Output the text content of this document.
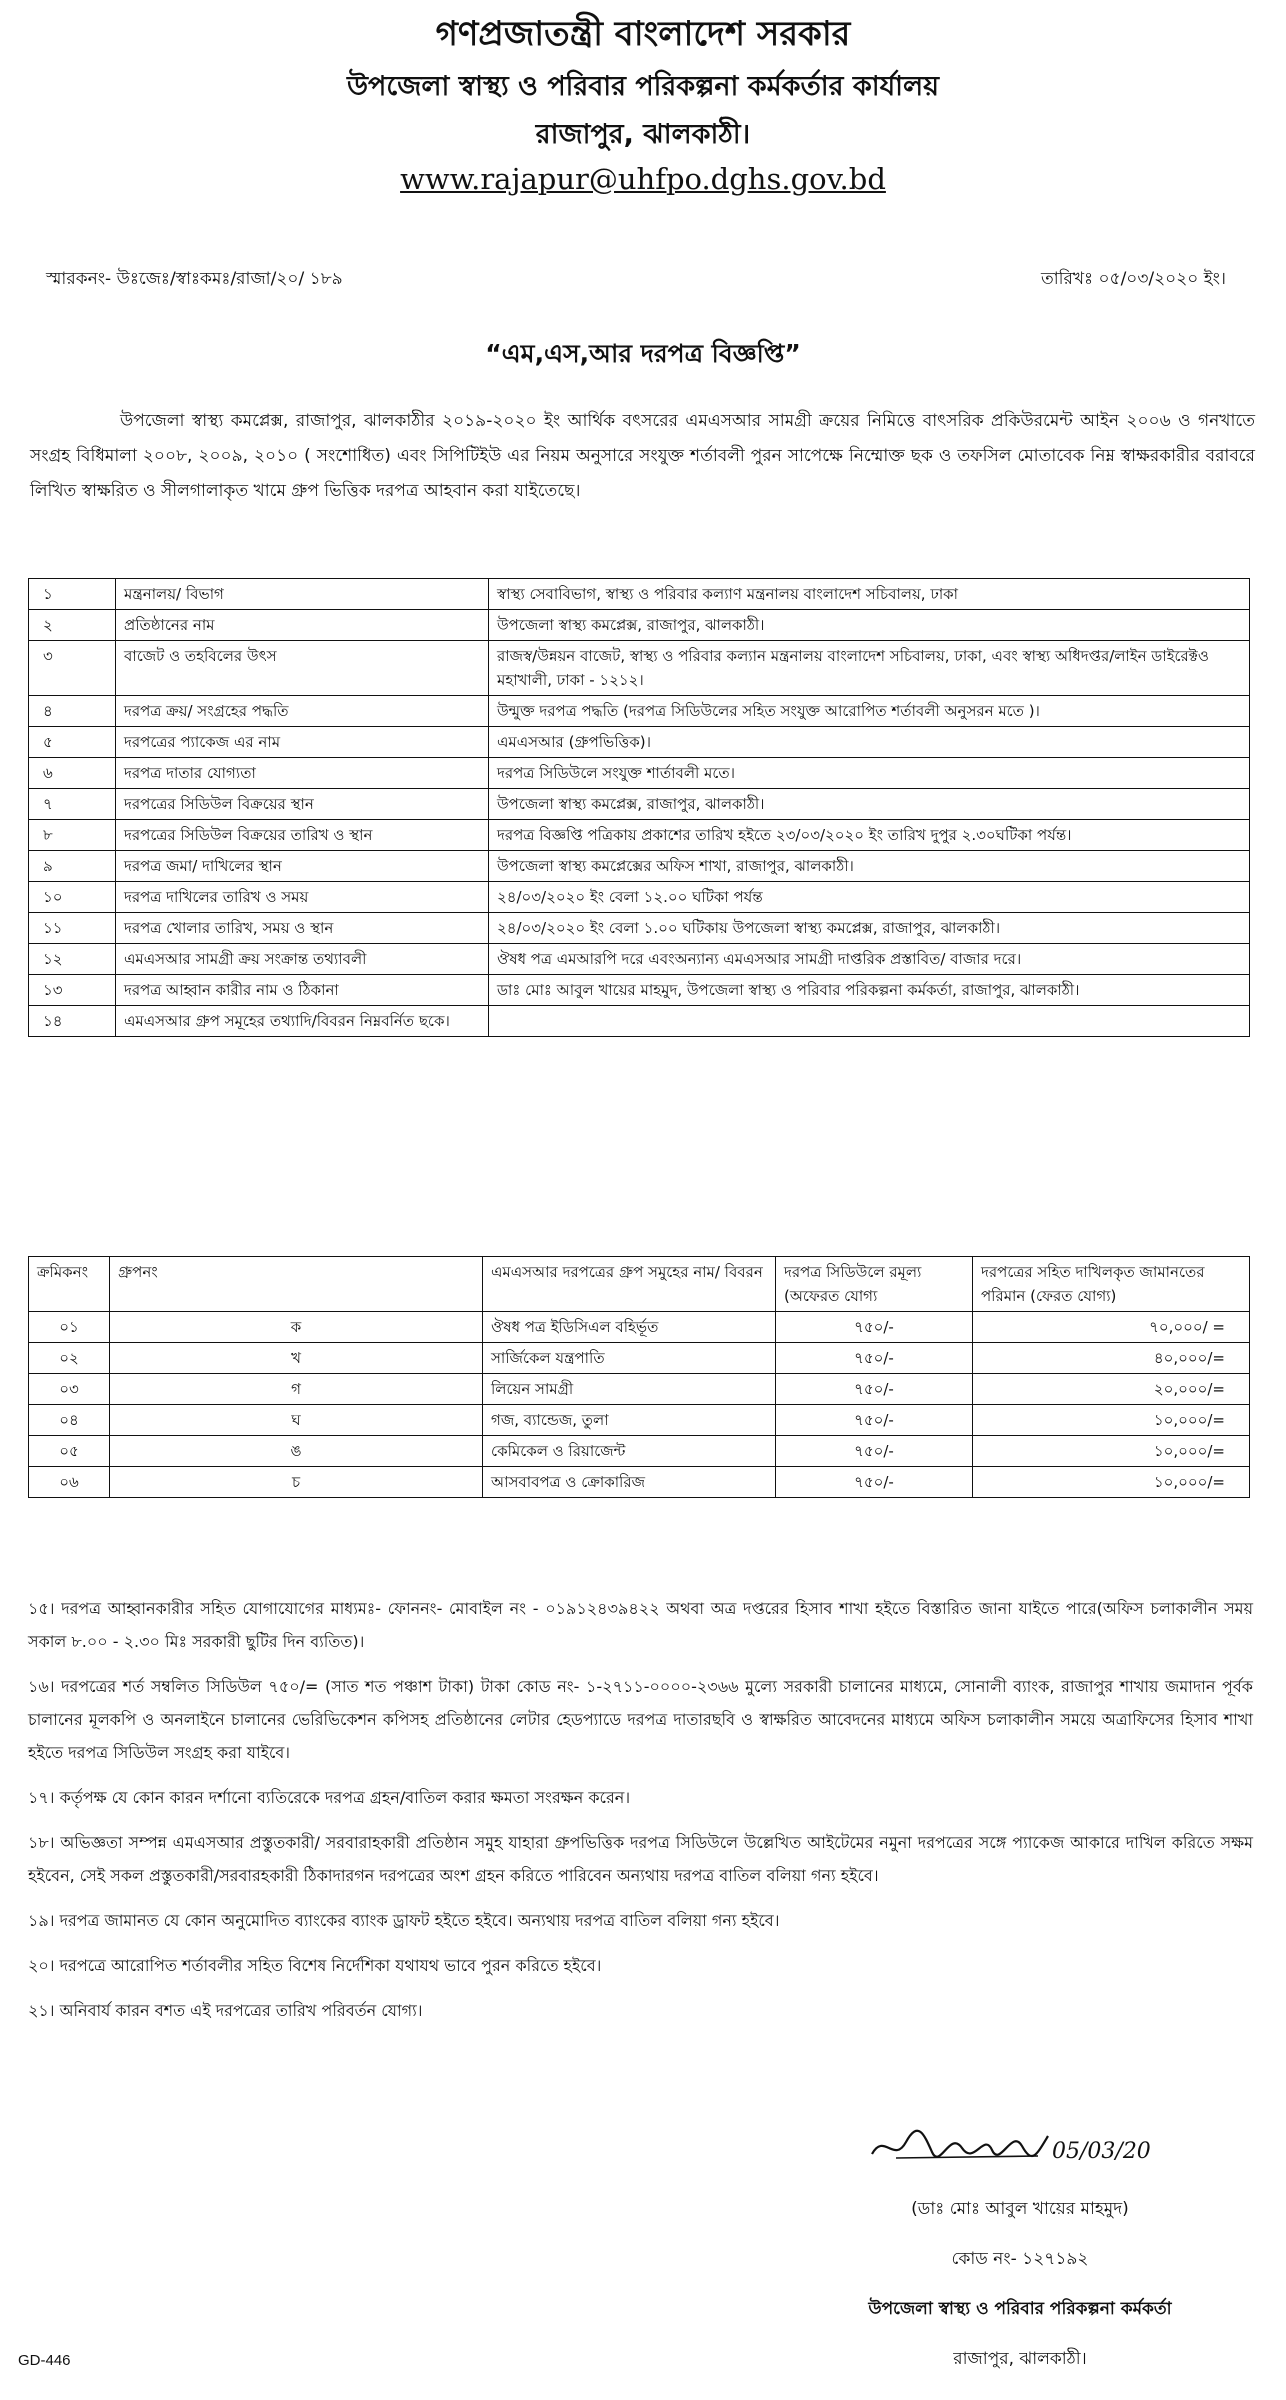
গণপ্রজাতন্ত্রী বাংলাদেশ সরকার
উপজেলা স্বাস্থ্য ও পরিবার পরিকল্পনা কর্মকর্তার কার্যালয়
রাজাপুর, ঝালকাঠী।
www.rajapur@uhfpo.dghs.gov.bd
স্মারকনং- উঃজেঃ/স্বাঃকমঃ/রাজা/২০/ ১৮৯	তারিখঃ ০৫/০৩/২০২০ ইং।
“এম,এস,আর দরপত্র বিজ্ঞপ্তি”
উপজেলা স্বাস্থ্য কমপ্লেক্স, রাজাপুর, ঝালকাঠীর ২০১৯-২০২০ ইং আর্থিক বৎসরের এমএসআর সামগ্রী ক্রয়ের নিমিত্তে বাৎসরিক প্রকিউরমেন্ট আইন ২০০৬ ও গনখাতে সংগ্রহ বিধিমালা ২০০৮, ২০০৯, ২০১০ ( সংশোধিত) এবং সিপিটিইউ এর নিয়ম অনুসারে সংযুক্ত শর্তাবলী পুরন সাপেক্ষে নিম্মোক্ত ছক ও তফসিল মোতাবেক নিম্ন স্বাক্ষরকারীর বরাবরে লিখিত স্বাক্ষরিত ও সীলগালাকৃত খামে গ্রুপ ভিত্তিক দরপত্র আহবান করা যাইতেছে।
১	মন্ত্রনালয়/ বিভাগ	স্বাস্থ্য সেবাবিভাগ, স্বাস্থ্য ও পরিবার কল্যাণ মন্ত্রনালয় বাংলাদেশ সচিবালয়, ঢাকা
২	প্রতিষ্ঠানের নাম	উপজেলা স্বাস্থ্য কমপ্লেক্স, রাজাপুর, ঝালকাঠী।
৩	বাজেট ও তহবিলের উৎস	রাজস্ব/উন্নয়ন বাজেট, স্বাস্থ্য ও পরিবার কল্যান মন্ত্রনালয় বাংলাদেশ সচিবালয়, ঢাকা, এবং স্বাস্থ্য অধিদপ্তর/লাইন ডাইরেক্টও মহাখালী, ঢাকা - ১২১২।
৪	দরপত্র ক্রয়/ সংগ্রহের পদ্ধতি	উন্মুক্ত দরপত্র পদ্ধতি (দরপত্র সিডিউলের সহিত সংযুক্ত আরোপিত শর্তাবলী অনুসরন মতে )।
৫	দরপত্রের প্যাকেজ এর নাম	এমএসআর (গ্রুপভিত্তিক)।
৬	দরপত্র দাতার যোগ্যতা	দরপত্র সিডিউলে সংযুক্ত শার্তাবলী মতে।
৭	দরপত্রের সিডিউল বিক্রয়ের স্থান	উপজেলা স্বাস্থ্য কমপ্লেক্স, রাজাপুর, ঝালকাঠী।
৮	দরপত্রের সিডিউল বিক্রয়ের তারিখ ও স্থান	দরপত্র বিজ্ঞপ্তি পত্রিকায় প্রকাশের তারিখ হইতে ২৩/০৩/২০২০ ইং তারিখ দুপুর ২.৩০ঘটিকা পর্যন্ত।
৯	দরপত্র জমা/ দাখিলের স্থান	উপজেলা স্বাস্থ্য কমপ্লেক্সের অফিস শাখা, রাজাপুর, ঝালকাঠী।
১০	দরপত্র দাখিলের তারিখ ও সময়	২৪/০৩/২০২০ ইং বেলা ১২.০০ ঘটিকা পর্যন্ত
১১	দরপত্র খোলার তারিখ, সময় ও স্থান	২৪/০৩/২০২০ ইং বেলা ১.০০ ঘটিকায় উপজেলা স্বাস্থ্য কমপ্লেক্স, রাজাপুর, ঝালকাঠী।
১২	এমএসআর সামগ্রী ক্রয় সংক্রান্ত তথ্যাবলী	ঔষধ পত্র এমআরপি দরে এবংঅন্যান্য এমএসআর সামগ্রী দাপ্তরিক প্রস্তাবিত/ বাজার দরে।
১৩	দরপত্র আহ্বান কারীর নাম ও ঠিকানা	ডাঃ মোঃ আবুল খায়ের মাহমুদ, উপজেলা স্বাস্থ্য ও পরিবার পরিকল্পনা কর্মকর্তা, রাজাপুর, ঝালকাঠী।
১৪	এমএসআর গ্রুপ সমূহের তথ্যাদি/বিবরন নিম্নবর্নিত ছকে।	
ক্রমিকনং	গ্রুপনং	এমএসআর দরপত্রের গ্রুপ সমুহের নাম/ বিবরন	দরপত্র সিডিউলে রমূল্য (অফেরত যোগ্য	দরপত্রের সহিত দাখিলকৃত জামানতের পরিমান (ফেরত যোগ্য)
০১	ক	ঔষধ পত্র ইডিসিএল বহির্ভূত	৭৫০/-	৭০,০০০/ =
০২	খ	সার্জিকেল যন্ত্রপাতি	৭৫০/-	৪০,০০০/=
০৩	গ	লিয়েন সামগ্রী	৭৫০/-	২০,০০০/=
০৪	ঘ	গজ, ব্যান্ডেজ, তুলা	৭৫০/-	১০,০০০/=
০৫	ঙ	কেমিকেল ও রিয়াজেন্ট	৭৫০/-	১০,০০০/=
০৬	চ	আসবাবপত্র ও ক্রোকারিজ	৭৫০/-	১০,০০০/=

১৫। দরপত্র আহ্বানকারীর সহিত যোগাযোগের মাধ্যমঃ- ফোননং- মোবাইল নং - ০১৯১২৪৩৯৪২২ অথবা অত্র দপ্তরের হিসাব শাখা হইতে বিস্তারিত জানা যাইতে পারে(অফিস চলাকালীন সময় সকাল ৮.০০ - ২.৩০ মিঃ সরকারী ছুটির দিন ব্যতিত)।

১৬। দরপত্রের শর্ত সম্বলিত সিডিউল ৭৫০/= (সাত শত পঞ্চাশ টাকা) টাকা কোড নং- ১-২৭১১-০০০০-২৩৬৬ মুল্যে সরকারী চালানের মাধ্যমে, সোনালী ব্যাংক, রাজাপুর শাখায় জমাদান পূর্বক চালানের মূলকপি ও অনলাইনে চালানের ভেরিভিকেশন কপিসহ প্রতিষ্ঠানের লেটার হেডপ্যাডে দরপত্র দাতারছবি ও স্বাক্ষরিত আবেদনের মাধ্যমে অফিস চলাকালীন সময়ে অত্রাফিসের হিসাব শাখা হইতে দরপত্র সিডিউল সংগ্রহ করা যাইবে।

১৭। কর্তৃপক্ষ যে কোন কারন দর্শানো ব্যতিরেকে দরপত্র গ্রহন/বাতিল করার ক্ষমতা সংরক্ষন করেন।

১৮। অভিজ্ঞতা সম্পন্ন এমএসআর প্রস্তুতকারী/ সরবারাহকারী প্রতিষ্ঠান সমুহ যাহারা গ্রুপভিত্তিক দরপত্র সিডিউলে উল্লেখিত আইটেমের নমুনা দরপত্রের সঙ্গে প্যাকেজ আকারে দাখিল করিতে সক্ষম হইবেন, সেই সকল প্রস্তুতকারী/সরবারহকারী ঠিকাদারগন দরপত্রের অংশ গ্রহন করিতে পারিবেন অন্যথায় দরপত্র বাতিল বলিয়া গন্য হইবে।

১৯। দরপত্র জামানত যে কোন অনুমোদিত ব্যাংকের ব্যাংক ড্রাফট হইতে হইবে। অন্যথায় দরপত্র বাতিল বলিয়া গন্য হইবে।

২০। দরপত্রে আরোপিত শর্তাবলীর সহিত বিশেষ নির্দেশিকা যথাযথ ভাবে পুরন করিতে হইবে।

২১। অনিবার্য কারন বশত এই দরপত্রের তারিখ পরিবর্তন যোগ্য।

05/03/20
(ডাঃ মোঃ আবুল খায়ের মাহমুদ)
কোড নং- ১২৭১৯২
উপজেলা স্বাস্থ্য ও পরিবার পরিকল্পনা কর্মকর্তা
রাজাপুর, ঝালকাঠী।
GD-446
